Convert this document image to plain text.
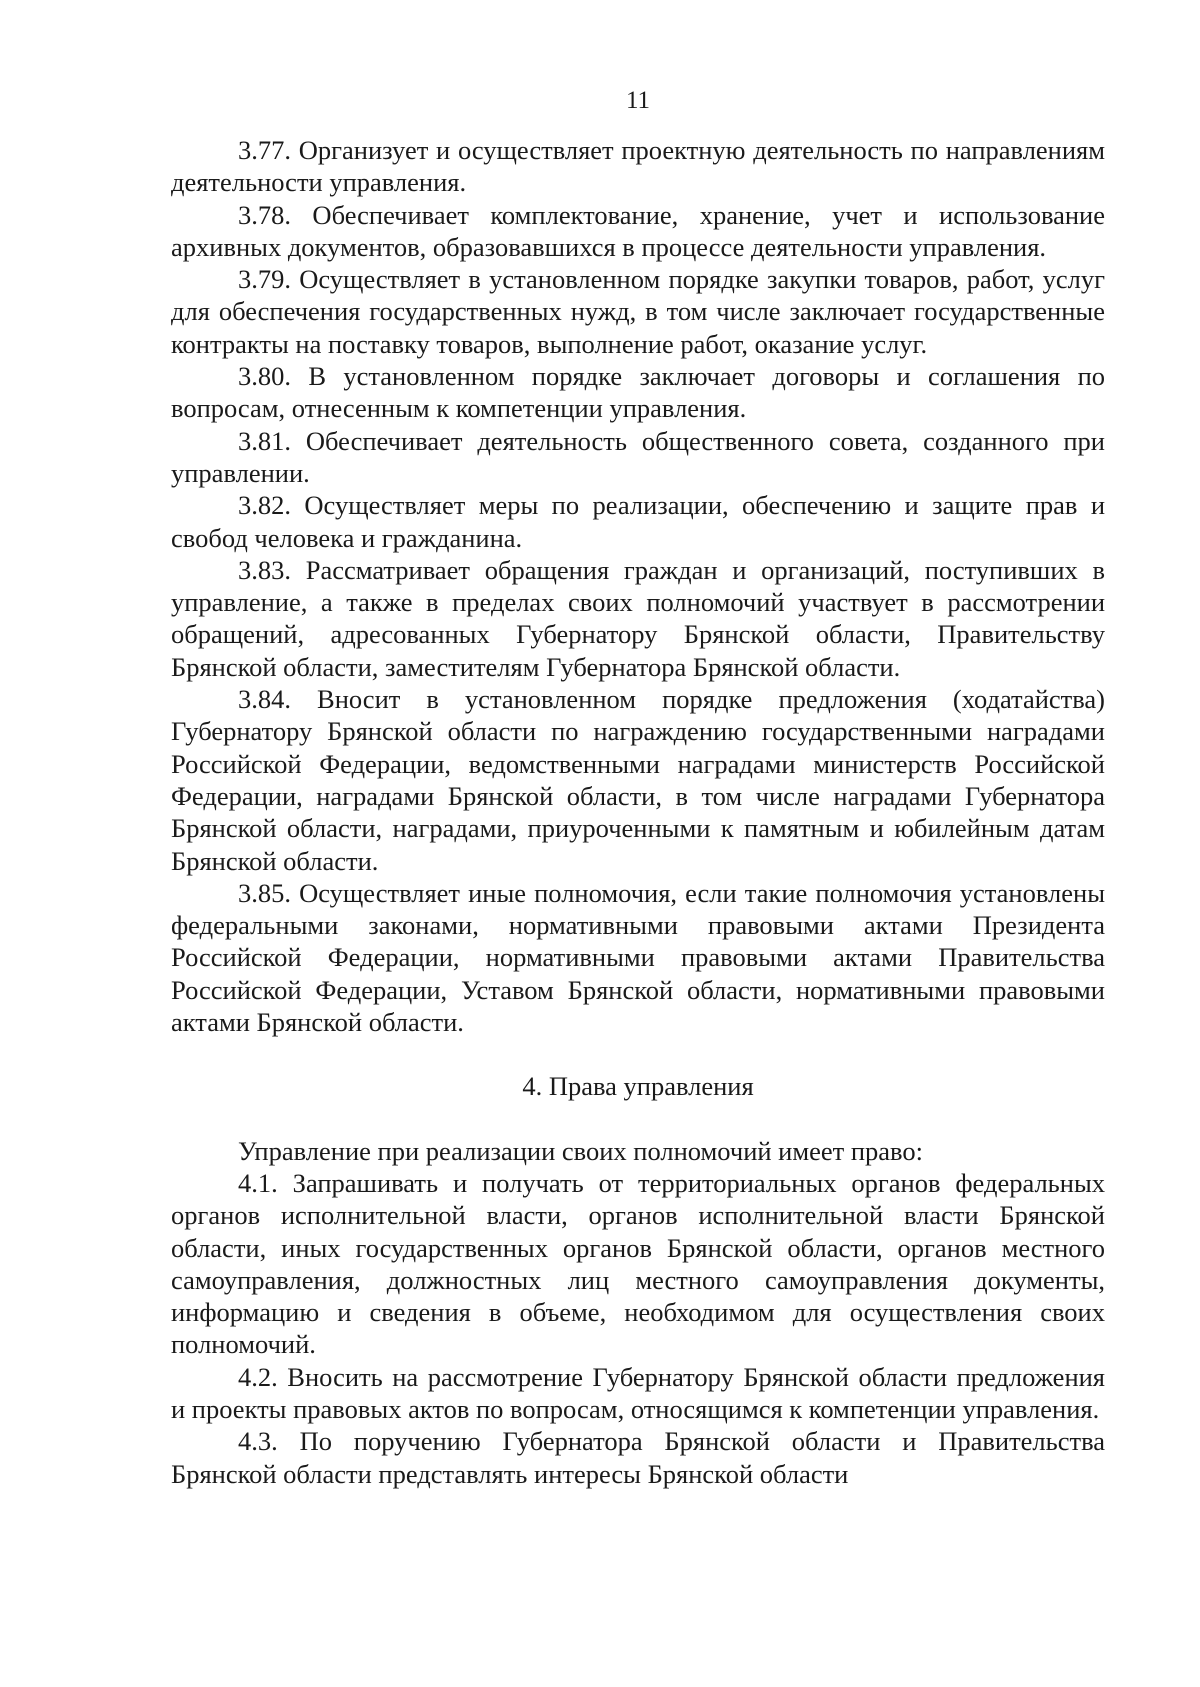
11

3.77. Организует и осуществляет проектную деятельность по направлениям деятельности управления.

3.78. Обеспечивает комплектование, хранение, учет и использование архивных документов, образовавшихся в процессе деятельности управления.

3.79. Осуществляет в установленном порядке закупки товаров, работ, услуг для обеспечения государственных нужд, в том числе заключает государственные контракты на поставку товаров, выполнение работ, оказание услуг.

3.80. В установленном порядке заключает договоры и соглашения по вопросам, отнесенным к компетенции управления.

3.81. Обеспечивает деятельность общественного совета, созданного при управлении.

3.82. Осуществляет меры по реализации, обеспечению и защите прав и свобод человека и гражданина.

3.83. Рассматривает обращения граждан и организаций, поступивших в управление, а также в пределах своих полномочий участвует в рассмотрении обращений, адресованных Губернатору Брянской области, Правительству Брянской области, заместителям Губернатора Брянской области.

3.84. Вносит в установленном порядке предложения (ходатайства) Губернатору Брянской области по награждению государственными наградами Российской Федерации, ведомственными наградами министерств Российской Федерации, наградами Брянской области, в том числе наградами Губернатора Брянской области, наградами, приуроченными к памятным и юбилейным датам Брянской области.

3.85. Осуществляет иные полномочия, если такие полномочия установлены федеральными законами, нормативными правовыми актами Президента Российской Федерации, нормативными правовыми актами Правительства Российской Федерации, Уставом Брянской области, нормативными правовыми актами Брянской области.

4. Права управления

Управление при реализации своих полномочий имеет право:

4.1. Запрашивать и получать от территориальных органов федеральных органов исполнительной власти, органов исполнительной власти Брянской области, иных государственных органов Брянской области, органов местного самоуправления, должностных лиц местного самоуправления документы, информацию и сведения в объеме, необходимом для осуществления своих полномочий.

4.2. Вносить на рассмотрение Губернатору Брянской области предложения и проекты правовых актов по вопросам, относящимся к компетенции управления.

4.3. По поручению Губернатора Брянской области и Правительства Брянской области представлять интересы Брянской области
